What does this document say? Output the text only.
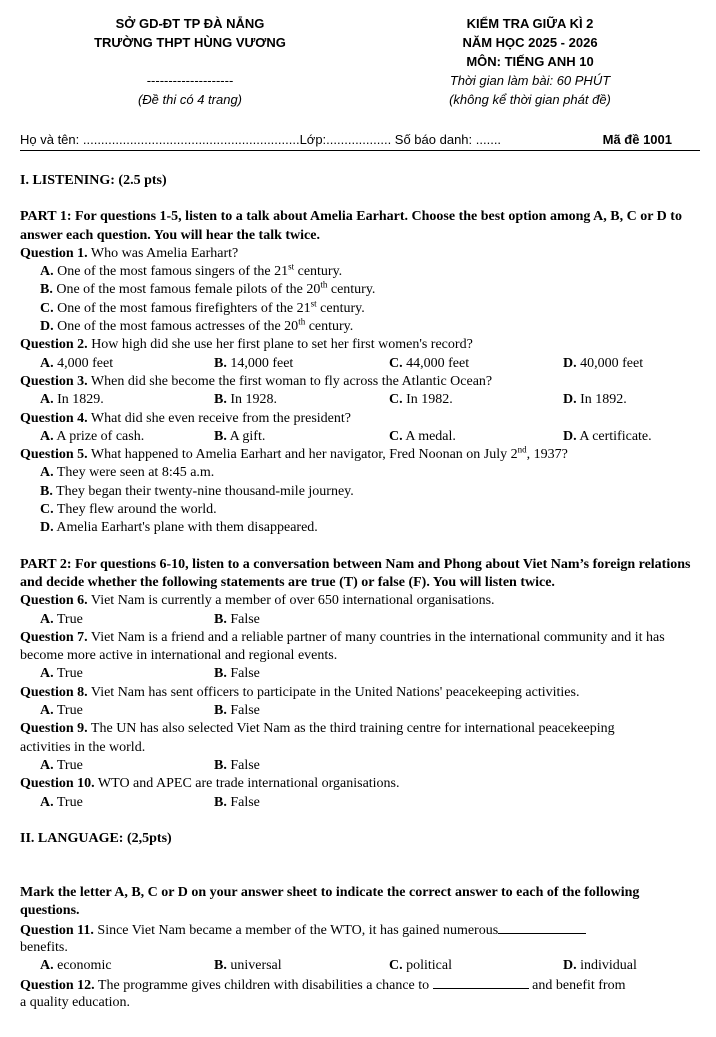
SỞ GD-ĐT TP ĐÀ NẴNG
TRƯỜNG THPT HÙNG VƯƠNG
--------------------
(Đề thi có 4 trang)
KIỂM TRA GIỮA KÌ 2
NĂM HỌC 2025 - 2026
MÔN: TIẾNG ANH 10
Thời gian làm bài: 60 PHÚT
(không kể thời gian phát đề)
Họ và tên: ............................................................Lớp:.................. Số báo danh: .......	Mã đề 1001
I. LISTENING: (2.5 pts)
PART 1: For questions 1-5, listen to a talk about Amelia Earhart. Choose the best option among A, B, C or D to answer each question. You will hear the talk twice.
Question 1. Who was Amelia Earhart?
A. One of the most famous singers of the 21st century.
B. One of the most famous female pilots of the 20th century.
C. One of the most famous firefighters of the 21st century.
D. One of the most famous actresses of the 20th century.
Question 2. How high did she use her first plane to set her first women's record?
A. 4,000 feet	B. 14,000 feet	C. 44,000 feet	D. 40,000 feet
Question 3. When did she become the first woman to fly across the Atlantic Ocean?
A. In 1829.	B. In 1928.	C. In 1982.	D. In 1892.
Question 4. What did she even receive from the president?
A. A prize of cash.	B. A gift.	C. A medal.	D. A certificate.
Question 5. What happened to Amelia Earhart and her navigator, Fred Noonan on July 2nd, 1937?
A. They were seen at 8:45 a.m.
B. They began their twenty-nine thousand-mile journey.
C. They flew around the world.
D. Amelia Earhart's plane with them disappeared.
PART 2: For questions 6-10, listen to a conversation between Nam and Phong about Viet Nam’s foreign relations and decide whether the following statements are true (T) or false (F). You will listen twice.
Question 6. Viet Nam is currently a member of over 650 international organisations.
A. True	B. False
Question 7. Viet Nam is a friend and a reliable partner of many countries in the international community and it has become more active in international and regional events.
A. True	B. False
Question 8. Viet Nam has sent officers to participate in the United Nations' peacekeeping activities.
A. True	B. False
Question 9. The UN has also selected Viet Nam as the third training centre for international peacekeeping activities in the world.
A. True	B. False
Question 10. WTO and APEC are trade international organisations.
A. True	B. False
II. LANGUAGE: (2,5pts)
Mark the letter A, B, C or D on your answer sheet to indicate the correct answer to each of the following questions.
Question 11. Since Viet Nam became a member of the WTO, it has gained numerous
benefits.
A. economic	B. universal	C. political	D. individual
Question 12. The programme gives children with disabilities a chance to	and benefit from
a quality education.
